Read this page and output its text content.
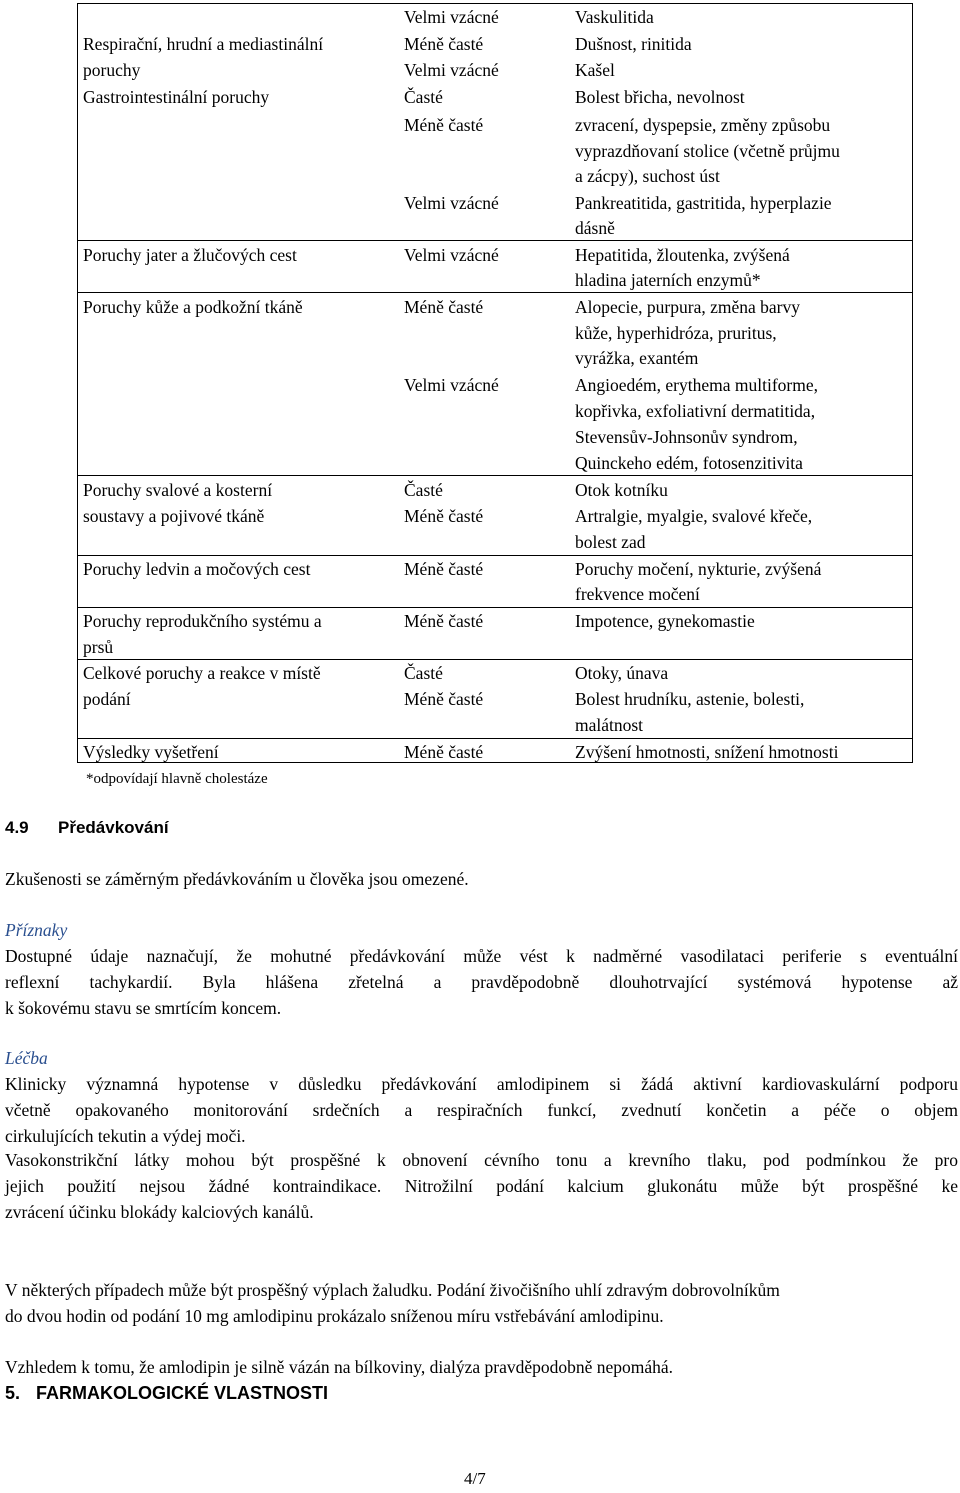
Velmi vzácné	Vaskulitida
Respirační, hrudní a mediastinální	Méně časté	Dušnost, rinitida
poruchy	Velmi vzácné	Kašel
Gastrointestinální poruchy	Časté	Bolest břicha, nevolnost
Méně časté	zvracení, dyspepsie, změny způsobu
vyprazdňovaní stolice (včetně průjmu
a zácpy), suchost úst
Velmi vzácné	Pankreatitida, gastritida, hyperplazie
dásně
Poruchy jater a žlučových cest	Velmi vzácné	Hepatitida, žloutenka, zvýšená
hladina jaterních enzymů*
Poruchy kůže a podkožní tkáně	Méně časté	Alopecie, purpura, změna barvy
kůže, hyperhidróza, pruritus,
vyrážka, exantém
Velmi vzácné	Angioedém, erythema multiforme,
kopřivka, exfoliativní dermatitida,
Stevensův-Johnsonův syndrom,
Quinckeho edém, fotosenzitivita
Poruchy svalové a kosterní	Časté	Otok kotníku
soustavy a pojivové tkáně	Méně časté	Artralgie, myalgie, svalové křeče,
bolest zad
Poruchy ledvin a močových cest	Méně časté	Poruchy močení, nykturie, zvýšená
frekvence močení
Poruchy reprodukčního systému a	Méně časté	Impotence, gynekomastie
prsů
Celkové poruchy a reakce v místě	Časté	Otoky, únava
podání	Méně časté	Bolest hrudníku, astenie, bolesti,
malátnost
Výsledky vyšetření	Méně časté	Zvýšení hmotnosti, snížení hmotnosti
*odpovídají hlavně cholestáze
4.9 Předávkování
Zkušenosti se záměrným předávkováním u člověka jsou omezené.
Příznaky
Dostupné údaje naznačují, že mohutné předávkování může vést k nadměrné vasodilataci periferie s eventuální
reflexní tachykardií. Byla hlášena zřetelná a pravděpodobně dlouhotrvající systémová hypotense až
k šokovému stavu se smrtícím koncem.
Léčba
Klinicky významná hypotense v důsledku předávkování amlodipinem si žádá aktivní kardiovaskulární podporu
včetně opakovaného monitorování srdečních a respiračních funkcí, zvednutí končetin a péče o objem
cirkulujících tekutin a výdej moči.
Vasokonstrikční látky mohou být prospěšné k obnovení cévního tonu a krevního tlaku, pod podmínkou že pro
jejich použití nejsou žádné kontraindikace. Nitrožilní podání kalcium glukonátu může být prospěšné ke
zvrácení účinku blokády kalciových kanálů.
V některých případech může být prospěšný výplach žaludku. Podání živočišního uhlí zdravým dobrovolníkům
do dvou hodin od podání 10 mg amlodipinu prokázalo sníženou míru vstřebávání amlodipinu.
Vzhledem k tomu, že amlodipin je silně vázán na bílkoviny, dialýza pravděpodobně nepomáhá.
5. FARMAKOLOGICKÉ VLASTNOSTI
4/7
